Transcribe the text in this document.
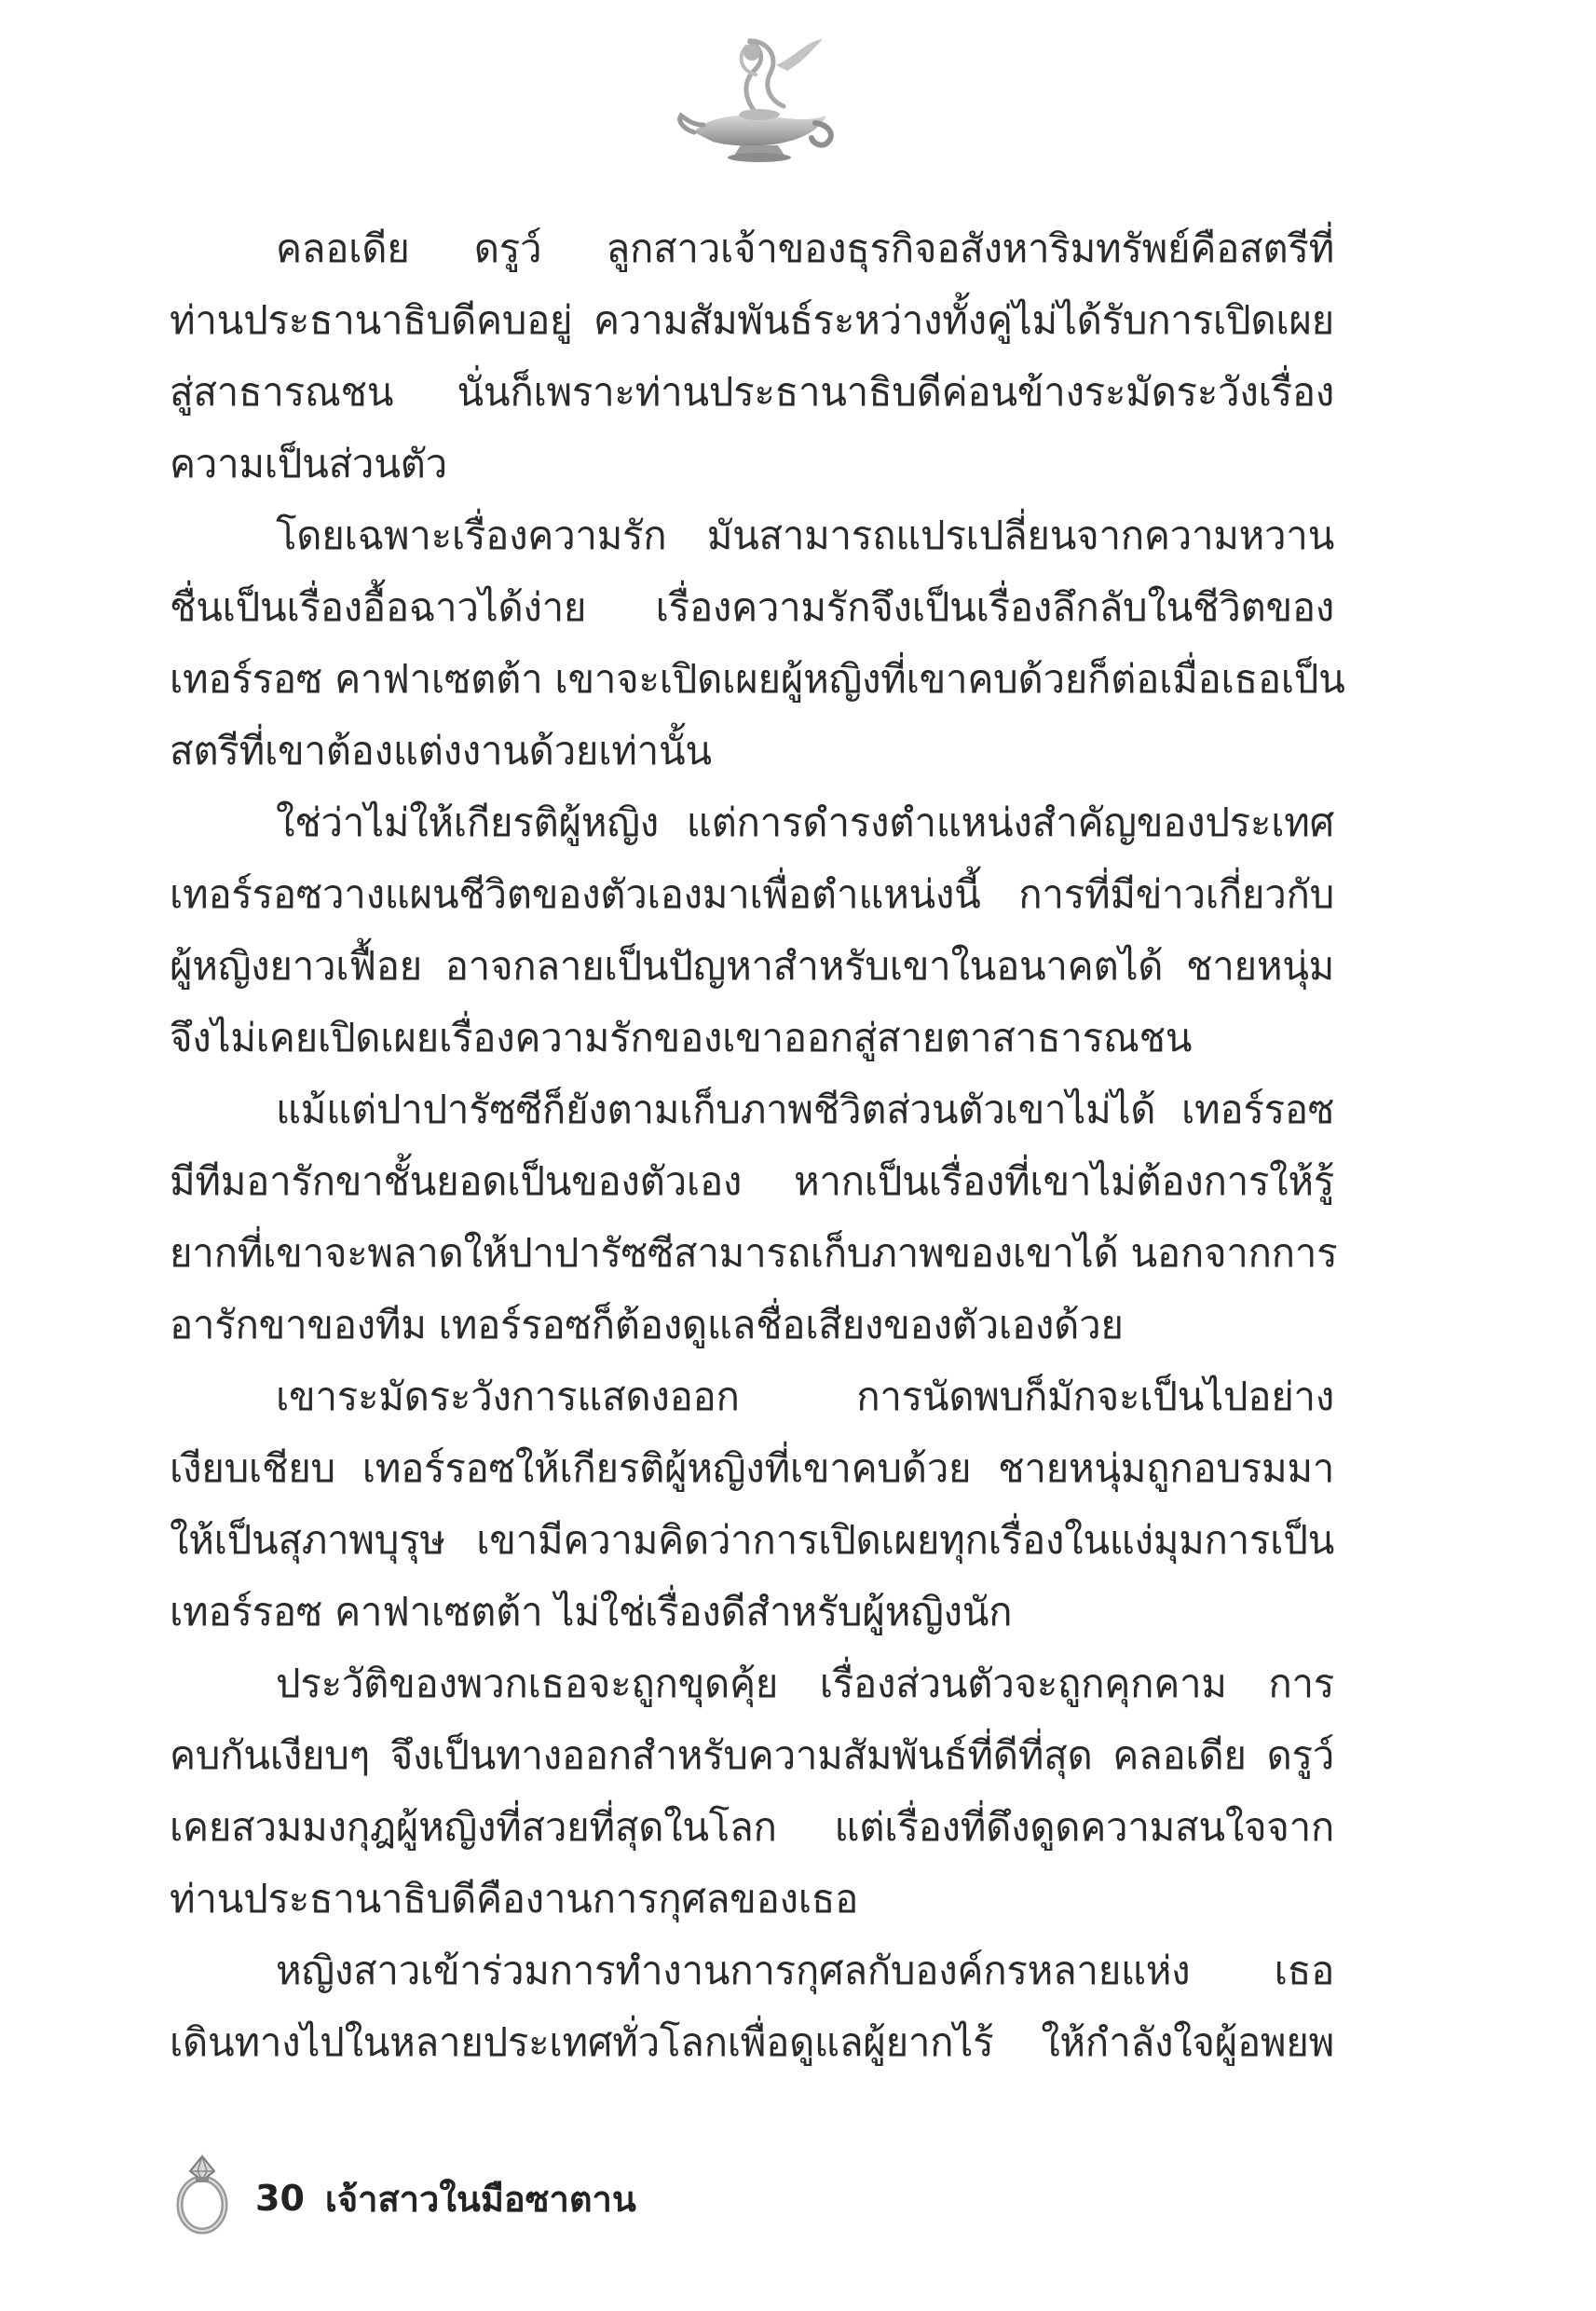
คลอเดีย ดรูว์ ลูกสาวเจ้าของธุรกิจอสังหาริมทรัพย์คือสตรีที่
ท่านประธานาธิบดีคบอยู่ ความสัมพันธ์ระหว่างทั้งคู่ไม่ได้รับการเปิดเผย
สู่สาธารณชน นั่นก็เพราะท่านประธานาธิบดีค่อนข้างระมัดระวังเรื่อง
ความเป็นส่วนตัว
โดยเฉพาะเรื่องความรัก มันสามารถแปรเปลี่ยนจากความหวาน
ชื่นเป็นเรื่องอื้อฉาวได้ง่าย เรื่องความรักจึงเป็นเรื่องลึกลับในชีวิตของ
เทอร์รอซ คาฟาเซตต้า เขาจะเปิดเผยผู้หญิงที่เขาคบด้วยก็ต่อเมื่อเธอเป็น
สตรีที่เขาต้องแต่งงานด้วยเท่านั้น
ใช่ว่าไม่ให้เกียรติผู้หญิง แต่การดำรงตำแหน่งสำคัญของประเทศ
เทอร์รอซวางแผนชีวิตของตัวเองมาเพื่อตำแหน่งนี้ การที่มีข่าวเกี่ยวกับ
ผู้หญิงยาวเฟื้อย อาจกลายเป็นปัญหาสำหรับเขาในอนาคตได้ ชายหนุ่ม
จึงไม่เคยเปิดเผยเรื่องความรักของเขาออกสู่สายตาสาธารณชน
แม้แต่ปาปารัซซีก็ยังตามเก็บภาพชีวิตส่วนตัวเขาไม่ได้ เทอร์รอซ
มีทีมอารักขาชั้นยอดเป็นของตัวเอง หากเป็นเรื่องที่เขาไม่ต้องการให้รู้
ยากที่เขาจะพลาดให้ปาปารัซซีสามารถเก็บภาพของเขาได้ นอกจากการ
อารักขาของทีม เทอร์รอซก็ต้องดูแลชื่อเสียงของตัวเองด้วย
เขาระมัดระวังการแสดงออก การนัดพบก็มักจะเป็นไปอย่าง
เงียบเชียบ เทอร์รอซให้เกียรติผู้หญิงที่เขาคบด้วย ชายหนุ่มถูกอบรมมา
ให้เป็นสุภาพบุรุษ เขามีความคิดว่าการเปิดเผยทุกเรื่องในแง่มุมการเป็น
เทอร์รอซ คาฟาเซตต้า ไม่ใช่เรื่องดีสำหรับผู้หญิงนัก
ประวัติของพวกเธอจะถูกขุดคุ้ย เรื่องส่วนตัวจะถูกคุกคาม การ
คบกันเงียบๆ จึงเป็นทางออกสำหรับความสัมพันธ์ที่ดีที่สุด คลอเดีย ดรูว์
เคยสวมมงกุฎผู้หญิงที่สวยที่สุดในโลก แต่เรื่องที่ดึงดูดความสนใจจาก
ท่านประธานาธิบดีคืองานการกุศลของเธอ
หญิงสาวเข้าร่วมการทำงานการกุศลกับองค์กรหลายแห่ง เธอ
เดินทางไปในหลายประเทศทั่วโลกเพื่อดูแลผู้ยากไร้ ให้กำลังใจผู้อพยพ
30 เจ้าสาวในมือซาตาน
